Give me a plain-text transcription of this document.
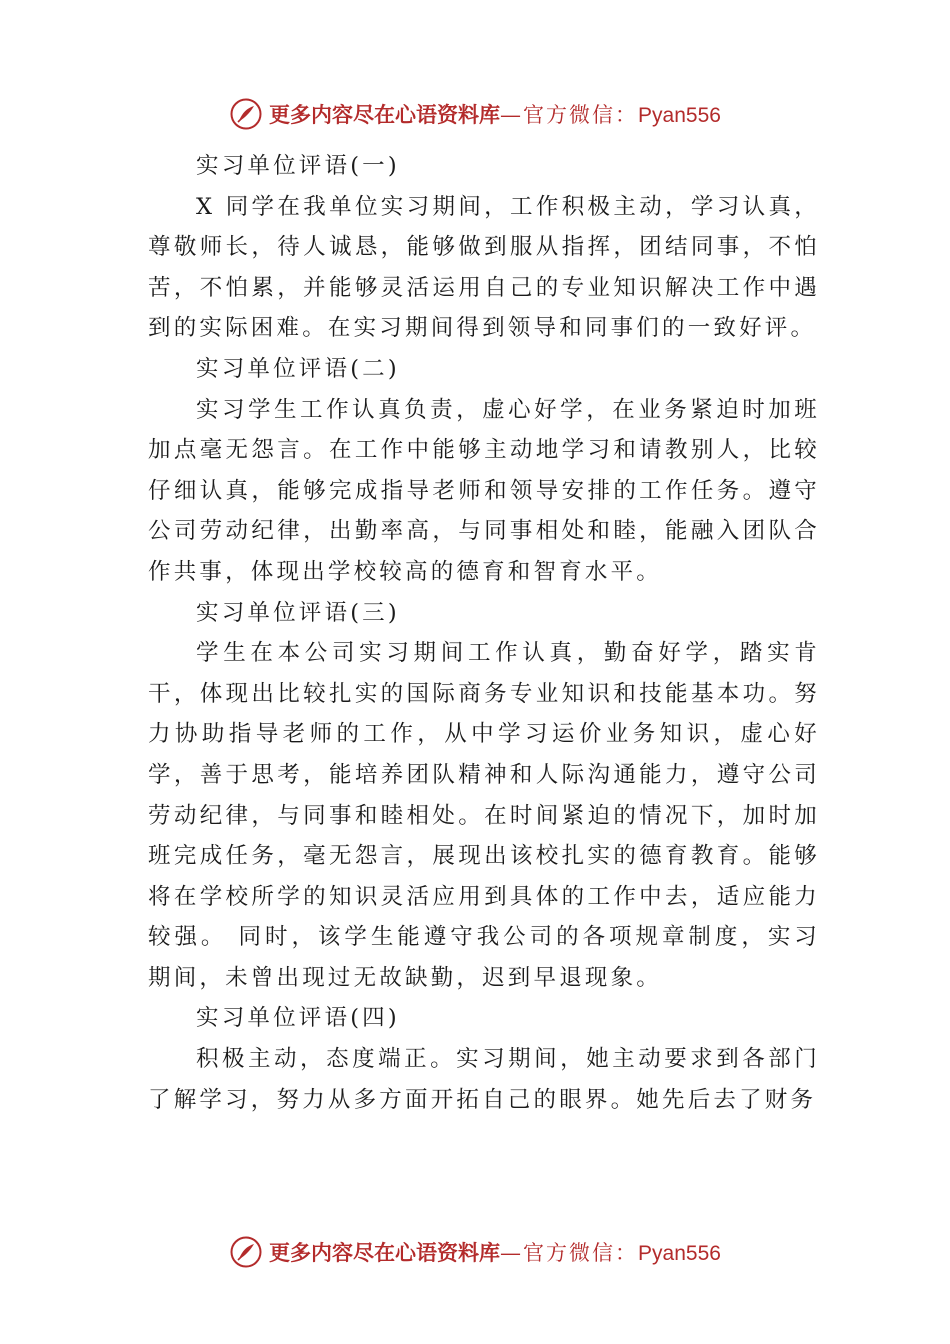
更多内容尽在心语资料库—官方微信：Pyan556

实习单位评语(一)

X 同学在我单位实习期间，工作积极主动，学习认真，尊敬师长，待人诚恳，能够做到服从指挥，团结同事，不怕苦，不怕累，并能够灵活运用自己的专业知识解决工作中遇到的实际困难。在实习期间得到领导和同事们的一致好评。

实习单位评语(二)

实习学生工作认真负责，虚心好学，在业务紧迫时加班加点毫无怨言。在工作中能够主动地学习和请教别人，比较仔细认真，能够完成指导老师和领导安排的工作任务。遵守公司劳动纪律，出勤率高，与同事相处和睦，能融入团队合作共事，体现出学校较高的德育和智育水平。

实习单位评语(三)

学生在本公司实习期间工作认真，勤奋好学，踏实肯干，体现出比较扎实的国际商务专业知识和技能基本功。努力协助指导老师的工作，从中学习运价业务知识，虚心好学，善于思考，能培养团队精神和人际沟通能力，遵守公司劳动纪律，与同事和睦相处。在时间紧迫的情况下，加时加班完成任务，毫无怨言，展现出该校扎实的德育教育。能够将在学校所学的知识灵活应用到具体的工作中去，适应能力较强。 同时，该学生能遵守我公司的各项规章制度，实习期间，未曾出现过无故缺勤，迟到早退现象。

实习单位评语(四)

积极主动，态度端正。实习期间，她主动要求到各部门了解学习，努力从多方面开拓自己的眼界。她先后去了财务

更多内容尽在心语资料库—官方微信：Pyan556
